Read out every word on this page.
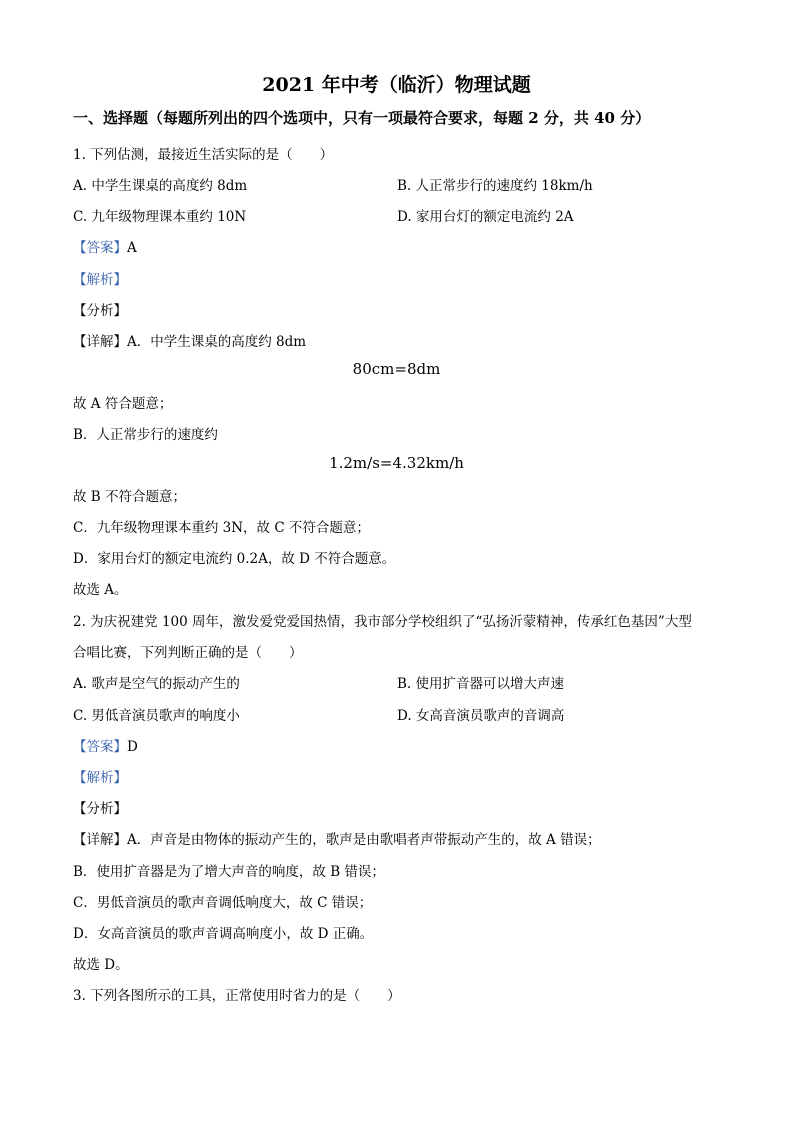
2021 年中考（临沂）物理试题
一、选择题（每题所列出的四个选项中，只有一项最符合要求，每题 2 分，共 40 分）
1. 下列估测，最接近生活实际的是（　　）
A. 中学生课桌的高度约 8dm	B. 人正常步行的速度约 18km/h
C. 九年级物理课本重约 10N	D. 家用台灯的额定电流约 2A
【答案】A
【解析】
【分析】
【详解】A．中学生课桌的高度约 8dm
80cm=8dm
故 A 符合题意；
B．人正常步行的速度约
1.2m/s=4.32km/h
故 B 不符合题意；
C．九年级物理课本重约 3N，故 C 不符合题意；
D．家用台灯的额定电流约 0.2A，故 D 不符合题意。
故选 A。
2. 为庆祝建党 100 周年，激发爱党爱国热情，我市部分学校组织了“弘扬沂蒙精神，传承红色基因”大型
合唱比赛，下列判断正确的是（　　）
A. 歌声是空气的振动产生的	B. 使用扩音器可以增大声速
C. 男低音演员歌声的响度小	D. 女高音演员歌声的音调高
【答案】D
【解析】
【分析】
【详解】A．声音是由物体的振动产生的，歌声是由歌唱者声带振动产生的，故 A 错误；
B．使用扩音器是为了增大声音的响度，故 B 错误；
C．男低音演员的歌声音调低响度大，故 C 错误；
D．女高音演员的歌声音调高响度小，故 D 正确。
故选 D。
3. 下列各图所示的工具，正常使用时省力的是（　　）
